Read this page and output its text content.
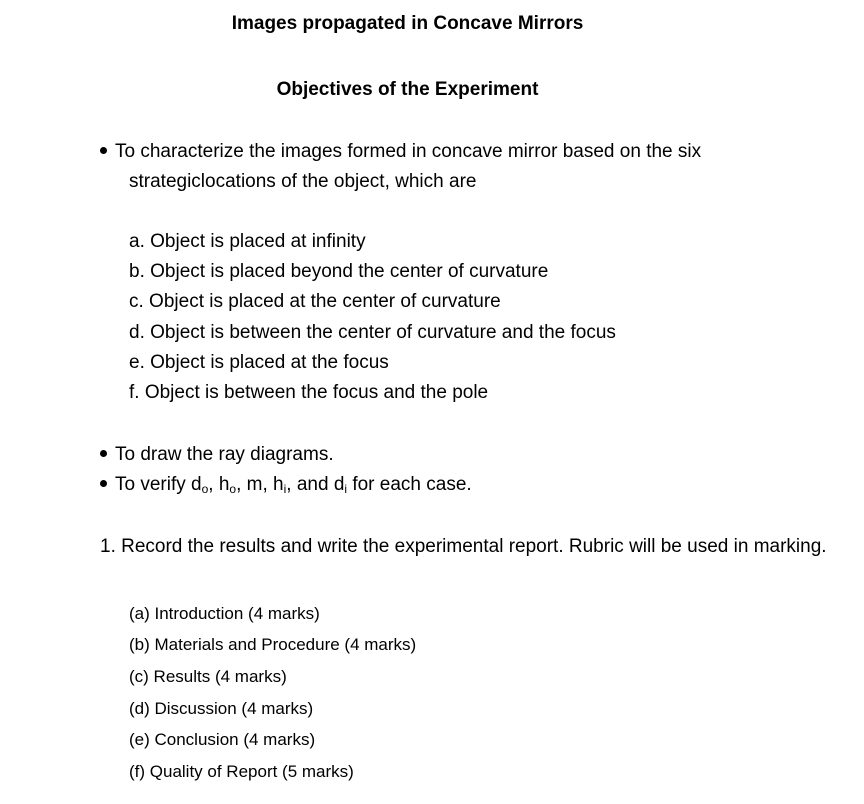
Images propagated in Concave Mirrors
Objectives of the Experiment
To characterize the images formed in concave mirror based on the six
strategiclocations of the object, which are
a. Object is placed at infinity
b. Object is placed beyond the center of curvature
c. Object is placed at the center of curvature
d. Object is between the center of curvature and the focus
e. Object is placed at the focus
f. Object is between the focus and the pole
To draw the ray diagrams.
To verify $d_o$, $h_o$, m, $h_i$, and $d_i$ for each case.
1. Record the results and write the experimental report. Rubric will be used in marking.
(a) Introduction (4 marks)
(b) Materials and Procedure (4 marks)
(c) Results (4 marks)
(d) Discussion (4 marks)
(e) Conclusion (4 marks)
(f) Quality of Report (5 marks)
